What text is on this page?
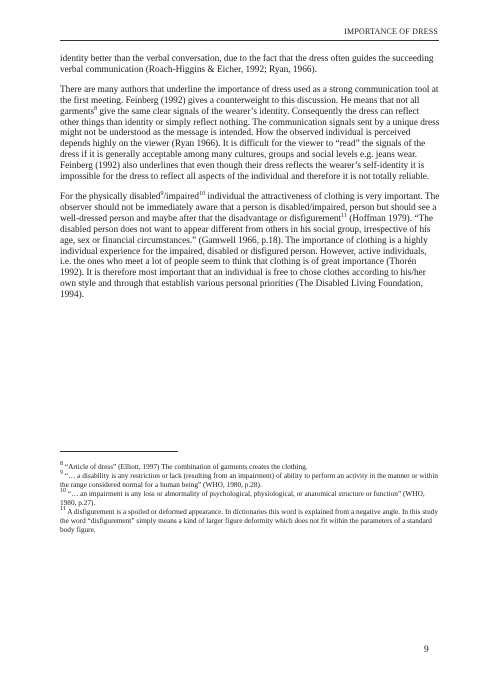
IMPORTANCE OF DRESS

identity better than the verbal conversation, due to the fact that the dress often guides the succeeding verbal communication (Roach-Higgins & Eicher, 1992; Ryan, 1966).

There are many authors that underline the importance of dress used as a strong communication tool at the first meeting. Feinberg (1992) gives a counterweight to this discussion. He means that not all garments$^8$ give the same clear signals of the wearer’s identity. Consequently the dress can reflect other things than identity or simply reflect nothing. The communication signals sent by a unique dress might not be understood as the message is intended. How the observed individual is perceived depends highly on the viewer (Ryan 1966). It is difficult for the viewer to “read” the signals of the dress if it is generally acceptable among many cultures, groups and social levels e.g. jeans wear. Feinberg (1992) also underlines that even though their dress reflects the wearer’s self-identity it is impossible for the dress to reflect all aspects of the individual and therefore it is not totally reliable.

For the physically disabled$^9$/impaired$^{10}$ individual the attractiveness of clothing is very important. The observer should not be immediately aware that a person is disabled/impaired, person but should see a well-dressed person and maybe after that the disadvantage or disfigurement$^{11}$ (Hoffman 1979). “The disabled person does not want to appear different from others in his social group, irrespective of his age, sex or financial circumstances.” (Gamwell 1966, p.18). The importance of clothing is a highly individual experience for the impaired, disabled or disfigured person. However, active individuals, i.e. the ones who meet a lot of people seem to think that clothing is of great importance (Thorén 1992). It is therefore most important that an individual is free to chose clothes according to his/her own style and through that establish various personal priorities (The Disabled Living Foundation, 1994).

$^8$ “Article of dress” (Elliott, 1997) The combination of garments creates the clothing.

$^9$ “… a disability is any restriction or lack (resulting from an impairment) of ability to perform an activity in the manner or within the range considered normal for a human being” (WHO, 1980, p.28).

$^{10}$ “… an impairment is any loss or abnormality of psychological, physiological, or anatomical structure or function” (WHO, 1980, p.27).

$^{11}$ A disfigurement is a spoiled or deformed appearance. In dictionaries this word is explained from a negative angle. In this study the word “disfigurement” simply means a kind of larger figure deformity which does not fit within the parameters of a standard body figure.

9
